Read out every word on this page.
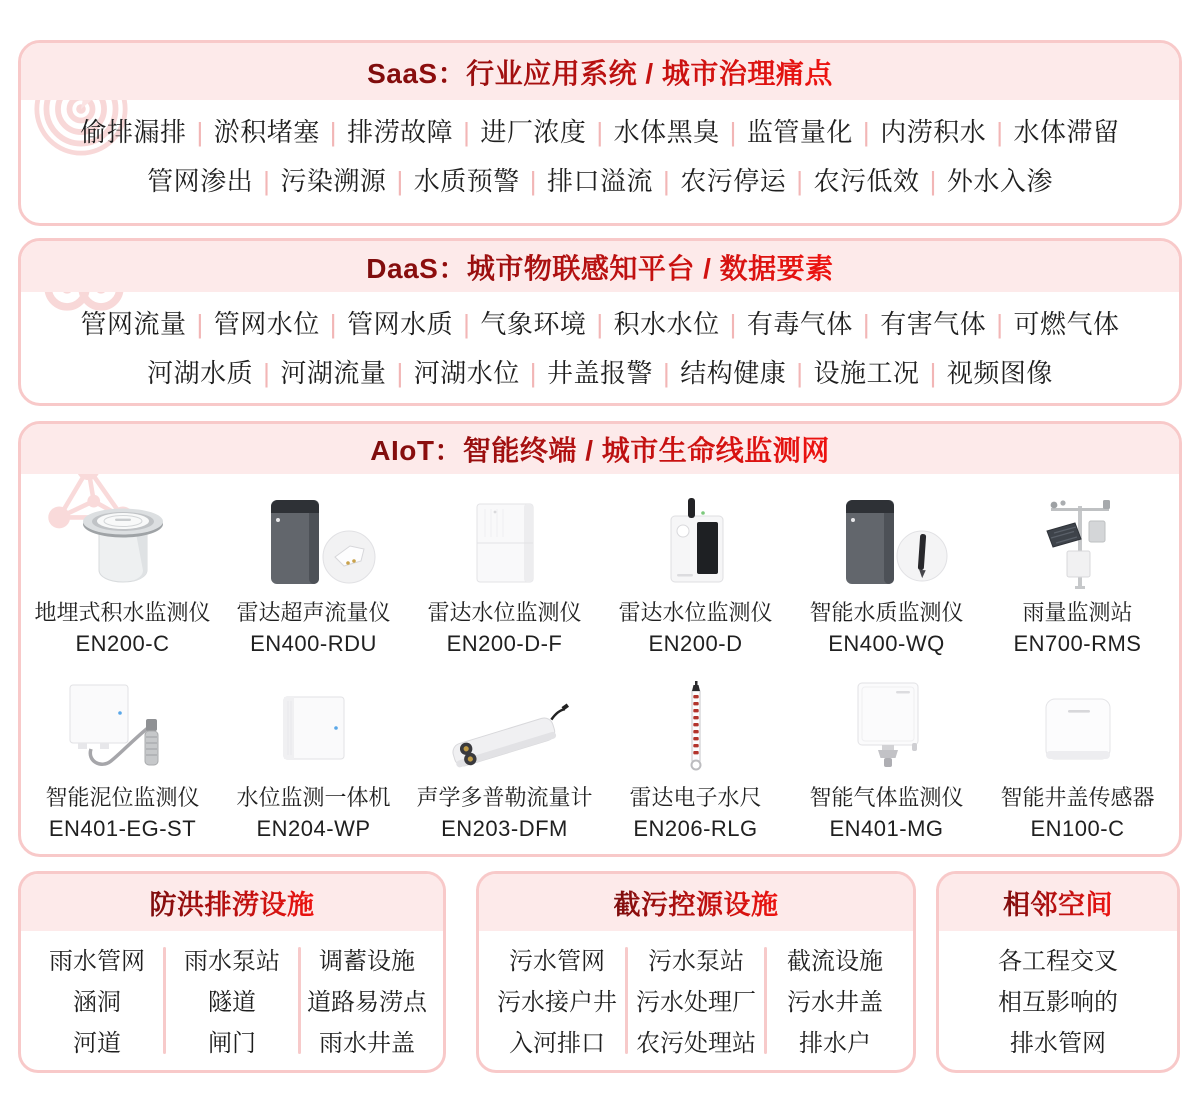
SaaS：行业应用系统 / 城市治理痛点
偷排漏排 | 淤积堵塞 | 排涝故障 | 进厂浓度 | 水体黑臭 | 监管量化 | 内涝积水 | 水体滞留
管网渗出 | 污染溯源 | 水质预警 | 排口溢流 | 农污停运 | 农污低效 | 外水入渗
DaaS：城市物联感知平台 / 数据要素
管网流量 | 管网水位 | 管网水质 | 气象环境 | 积水水位 | 有毒气体 | 有害气体 | 可燃气体
河湖水质 | 河湖流量 | 河湖水位 | 井盖报警 | 结构健康 | 设施工况 | 视频图像
AIoT：智能终端 / 城市生命线监测网
地埋式积水监测仪
EN200-C
雷达超声流量仪
EN400-RDU
雷达水位监测仪
EN200-D-F
雷达水位监测仪
EN200-D
智能水质监测仪
EN400-WQ
雨量监测站
EN700-RMS
智能泥位监测仪
EN401-EG-ST
水位监测一体机
EN204-WP
声学多普勒流量计
EN203-DFM
雷达电子水尺
EN206-RLG
智能气体监测仪
EN401-MG
智能井盖传感器
EN100-C
防洪排涝设施
雨水管网
涵洞
河道
雨水泵站
隧道
闸门
调蓄设施
道路易涝点
雨水井盖
截污控源设施
污水管网
污水接户井
入河排口
污水泵站
污水处理厂
农污处理站
截流设施
污水井盖
排水户
相邻空间
各工程交叉
相互影响的
排水管网
